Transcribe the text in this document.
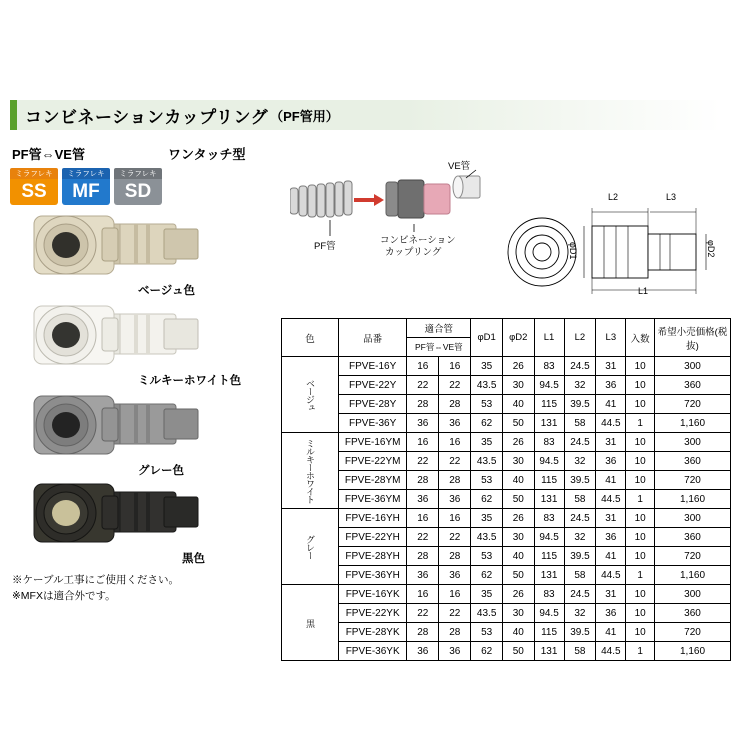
コンビネーションカップリング （PF管用）
PF管⇔VE管	ワンタッチ型
ミラフレキ
SS
ミラフレキ
MF
ミラフレキ
SD
ベージュ色
ミルキーホワイト色
グレー色
黒色
※ケーブル工事にご使用ください。
※MFXは適合外です。
VE管
コンビネーション
カップリング
PF管
L2	L3
φD1	φD2
L1
色	品番	適合管		φD1	φD2	L1	L2	L3	入数	希望小売価格(税抜)
		PF管⇔VE管								
ベージュ	FPVE-16Y	16	16	35	26	83	24.5	31	10	300
	FPVE-22Y	22	22	43.5	30	94.5	32	36	10	360
	FPVE-28Y	28	28	53	40	115	39.5	41	10	720
	FPVE-36Y	36	36	62	50	131	58	44.5	1	1,160
ミルキーホワイト	FPVE-16YM	16	16	35	26	83	24.5	31	10	300
	FPVE-22YM	22	22	43.5	30	94.5	32	36	10	360
	FPVE-28YM	28	28	53	40	115	39.5	41	10	720
	FPVE-36YM	36	36	62	50	131	58	44.5	1	1,160
グレー	FPVE-16YH	16	16	35	26	83	24.5	31	10	300
	FPVE-22YH	22	22	43.5	30	94.5	32	36	10	360
	FPVE-28YH	28	28	53	40	115	39.5	41	10	720
	FPVE-36YH	36	36	62	50	131	58	44.5	1	1,160
黒	FPVE-16YK	16	16	35	26	83	24.5	31	10	300
	FPVE-22YK	22	22	43.5	30	94.5	32	36	10	360
	FPVE-28YK	28	28	53	40	115	39.5	41	10	720
	FPVE-36YK	36	36	62	50	131	58	44.5	1	1,160
